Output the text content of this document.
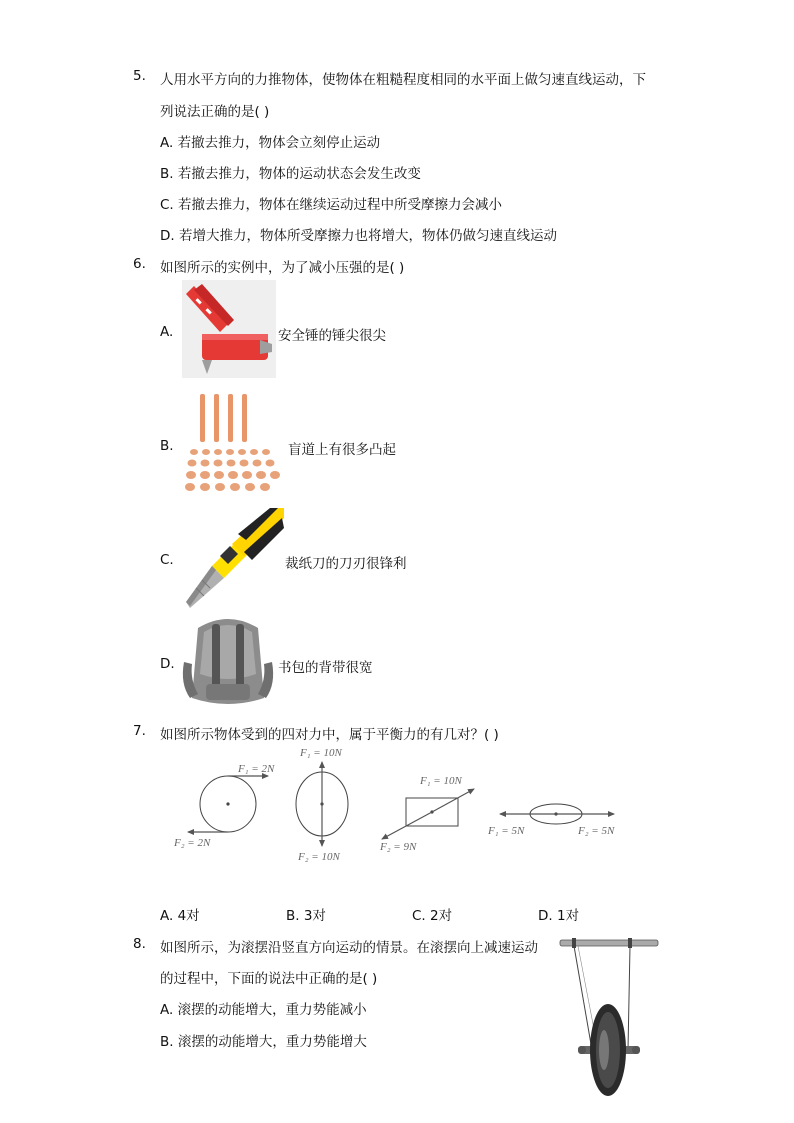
5. 人用水平方向的力推物体，使物体在粗糙程度相同的水平面上做匀速直线运动，下
列说法正确的是( )
A. 若撤去推力，物体会立刻停止运动
B. 若撤去推力，物体的运动状态会发生改变
C. 若撤去推力，物体在继续运动过程中所受摩擦力会减小
D. 若增大推力，物体所受摩擦力也将增大，物体仍做匀速直线运动
6. 如图所示的实例中，为了减小压强的是( )
A.	安全锤的锤尖很尖
B.	盲道上有很多凸起
C.	裁纸刀的刀刃很锋利
D.	书包的背带很宽
7. 如图所示物体受到的四对力中，属于平衡力的有几对？( )
F₁ = 2N
F₂ = 2N
F₁ = 10N
F₂ = 10N
F₁ = 10N
F₂ = 9N
F₁ = 5N	F₂ = 5N
A. 4对	B. 3对	C. 2对	D. 1对
8. 如图所示，为滚摆沿竖直方向运动的情景。在滚摆向上减速运动
的过程中，下面的说法中正确的是( )
A. 滚摆的动能增大，重力势能减小
B. 滚摆的动能增大，重力势能增大
